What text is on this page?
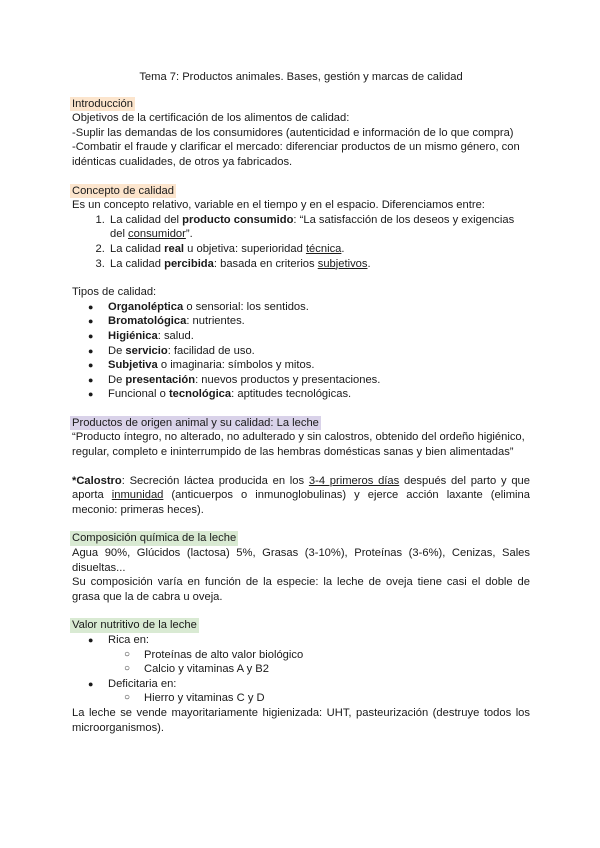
Tema 7: Productos animales. Bases, gestión y marcas de calidad

Introducción

Objetivos de la certificación de los alimentos de calidad:

-Suplir las demandas de los consumidores (autenticidad e información de lo que compra)

-Combatir el fraude y clarificar el mercado: diferenciar productos de un mismo género, con idénticas cualidades, de otros ya fabricados.

Concepto de calidad

Es un concepto relativo, variable en el tiempo y en el espacio. Diferenciamos entre:

1. La calidad del producto consumido: “La satisfacción de los deseos y exigencias del consumidor”.
2. La calidad real u objetiva: superioridad técnica.
3. La calidad percibida: basada en criterios subjetivos.

Tipos de calidad:

● Organoléptica o sensorial: los sentidos.
● Bromatológica: nutrientes.
● Higiénica: salud.
● De servicio: facilidad de uso.
● Subjetiva o imaginaria: símbolos y mitos.
● De presentación: nuevos productos y presentaciones.
● Funcional o tecnológica: aptitudes tecnológicas.
Productos de origen animal y su calidad: La leche

“Producto íntegro, no alterado, no adulterado y sin calostros, obtenido del ordeño higiénico, regular, completo e ininterrumpido de las hembras domésticas sanas y bien alimentadas”

*Calostro: Secreción láctea producida en los 3-4 primeros días después del parto y que aporta inmunidad (anticuerpos o inmunoglobulinas) y ejerce acción laxante (elimina meconio: primeras heces).

Composición química de la leche

Agua 90%, Glúcidos (lactosa) 5%, Grasas (3-10%), Proteínas (3-6%), Cenizas, Sales disueltas...

Su composición varía en función de la especie: la leche de oveja tiene casi el doble de grasa que la de cabra u oveja.

Valor nutritivo de la leche
● Rica en:
○ Proteínas de alto valor biológico
○ Calcio y vitaminas A y B2
● Deficitaria en:
○ Hierro y vitaminas C y D

La leche se vende mayoritariamente higienizada: UHT, pasteurización (destruye todos los microorganismos).
